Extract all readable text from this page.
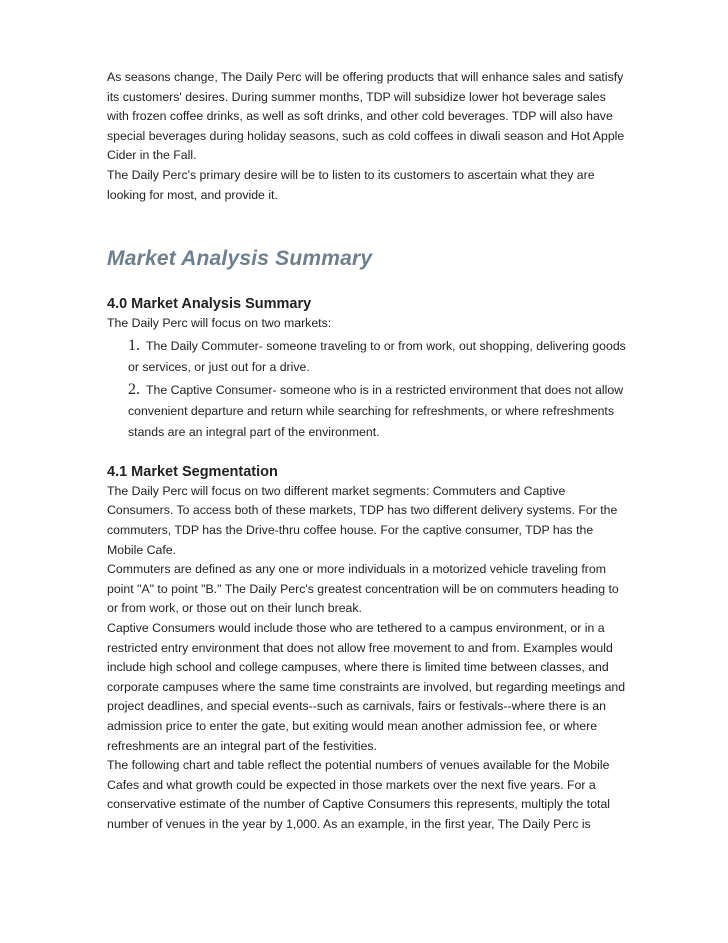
As seasons change, The Daily Perc will be offering products that will enhance sales and satisfy its customers' desires. During summer months, TDP will subsidize lower hot beverage sales with frozen coffee drinks, as well as soft drinks, and other cold beverages. TDP will also have special beverages during holiday seasons, such as cold coffees in diwali season and Hot Apple Cider in the Fall.

The Daily Perc's primary desire will be to listen to its customers to ascertain what they are looking for most, and provide it.

Market Analysis Summary
4.0 Market Analysis Summary

The Daily Perc will focus on two markets:

1. The Daily Commuter- someone traveling to or from work, out shopping, delivering goods or services, or just out for a drive.
2. The Captive Consumer- someone who is in a restricted environment that does not allow convenient departure and return while searching for refreshments, or where refreshments stands are an integral part of the environment.
4.1 Market Segmentation

The Daily Perc will focus on two different market segments: Commuters and Captive Consumers. To access both of these markets, TDP has two different delivery systems. For the commuters, TDP has the Drive-thru coffee house. For the captive consumer, TDP has the Mobile Cafe.

Commuters are defined as any one or more individuals in a motorized vehicle traveling from point "A" to point "B." The Daily Perc's greatest concentration will be on commuters heading to or from work, or those out on their lunch break.

Captive Consumers would include those who are tethered to a campus environment, or in a restricted entry environment that does not allow free movement to and from. Examples would include high school and college campuses, where there is limited time between classes, and corporate campuses where the same time constraints are involved, but regarding meetings and project deadlines, and special events--such as carnivals, fairs or festivals--where there is an admission price to enter the gate, but exiting would mean another admission fee, or where refreshments are an integral part of the festivities.

The following chart and table reflect the potential numbers of venues available for the Mobile Cafes and what growth could be expected in those markets over the next five years. For a conservative estimate of the number of Captive Consumers this represents, multiply the total number of venues in the year by 1,000. As an example, in the first year, The Daily Perc is
